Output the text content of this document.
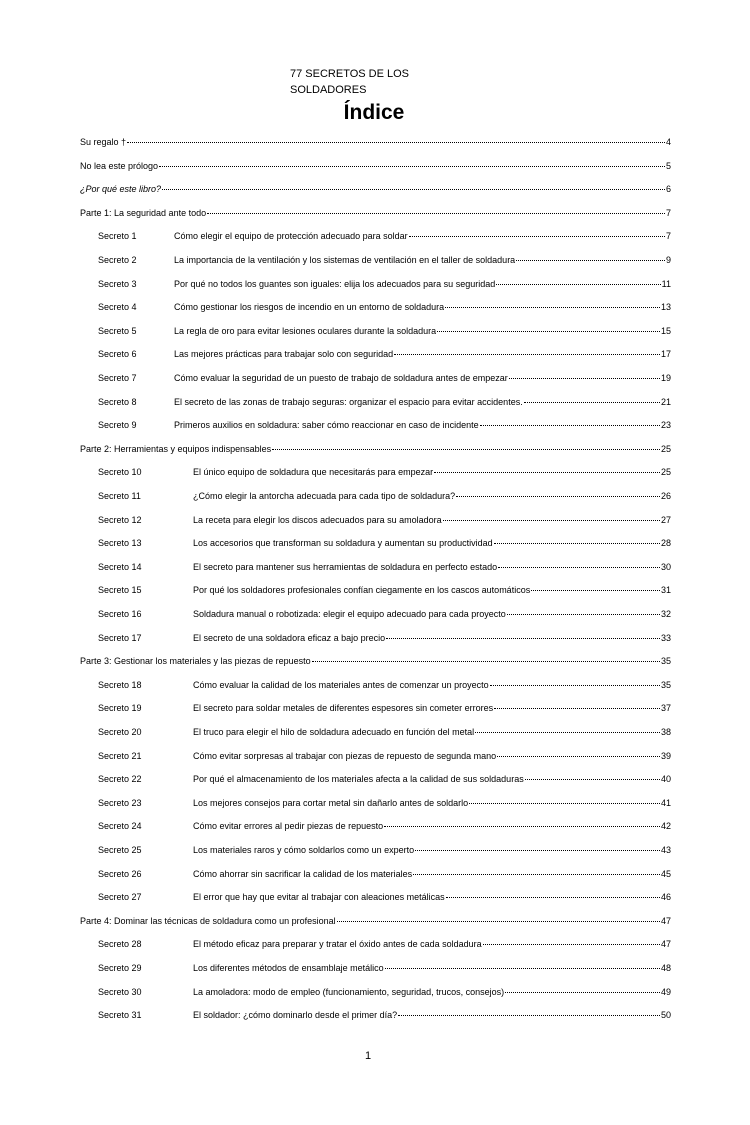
77 SECRETOS DE LOS SOLDADORES
Índice
Su regalo †	4
No lea este prólogo	5
¿Por qué este libro?	6
Parte 1: La seguridad ante todo	7
Secreto 1	Cómo elegir el equipo de protección adecuado para soldar	7
Secreto 2	La importancia de la ventilación y los sistemas de ventilación en el taller de soldadura	9
Secreto 3	Por qué no todos los guantes son iguales: elija los adecuados para su seguridad	11
Secreto 4	Cómo gestionar los riesgos de incendio en un entorno de soldadura	13
Secreto 5	La regla de oro para evitar lesiones oculares durante la soldadura	15
Secreto 6	Las mejores prácticas para trabajar solo con seguridad	17
Secreto 7	Cómo evaluar la seguridad de un puesto de trabajo de soldadura antes de empezar	19
Secreto 8	El secreto de las zonas de trabajo seguras: organizar el espacio para evitar accidentes.	21
Secreto 9	Primeros auxilios en soldadura: saber cómo reaccionar en caso de incidente	23
Parte 2: Herramientas y equipos indispensables	25
Secreto 10	El único equipo de soldadura que necesitarás para empezar	25
Secreto 11	¿Cómo elegir la antorcha adecuada para cada tipo de soldadura?	26
Secreto 12	La receta para elegir los discos adecuados para su amoladora	27
Secreto 13	Los accesorios que transforman su soldadura y aumentan su productividad	28
Secreto 14	El secreto para mantener sus herramientas de soldadura en perfecto estado	30
Secreto 15	Por qué los soldadores profesionales confían ciegamente en los cascos automáticos	31
Secreto 16	Soldadura manual o robotizada: elegir el equipo adecuado para cada proyecto	32
Secreto 17	El secreto de una soldadora eficaz a bajo precio	33
Parte 3: Gestionar los materiales y las piezas de repuesto	35
Secreto 18	Cómo evaluar la calidad de los materiales antes de comenzar un proyecto	35
Secreto 19	El secreto para soldar metales de diferentes espesores sin cometer errores	37
Secreto 20	El truco para elegir el hilo de soldadura adecuado en función del metal	38
Secreto 21	Cómo evitar sorpresas al trabajar con piezas de repuesto de segunda mano	39
Secreto 22	Por qué el almacenamiento de los materiales afecta a la calidad de sus soldaduras	40
Secreto 23	Los mejores consejos para cortar metal sin dañarlo antes de soldarlo	41
Secreto 24	Cómo evitar errores al pedir piezas de repuesto	42
Secreto 25	Los materiales raros y cómo soldarlos como un experto	43
Secreto 26	Cómo ahorrar sin sacrificar la calidad de los materiales	45
Secreto 27	El error que hay que evitar al trabajar con aleaciones metálicas	46
Parte 4: Dominar las técnicas de soldadura como un profesional	47
Secreto 28	El método eficaz para preparar y tratar el óxido antes de cada soldadura	47
Secreto 29	Los diferentes métodos de ensamblaje metálico	48
Secreto 30	La amoladora: modo de empleo (funcionamiento, seguridad, trucos, consejos)	49
Secreto 31	El soldador: ¿cómo dominarlo desde el primer día?	50
1
